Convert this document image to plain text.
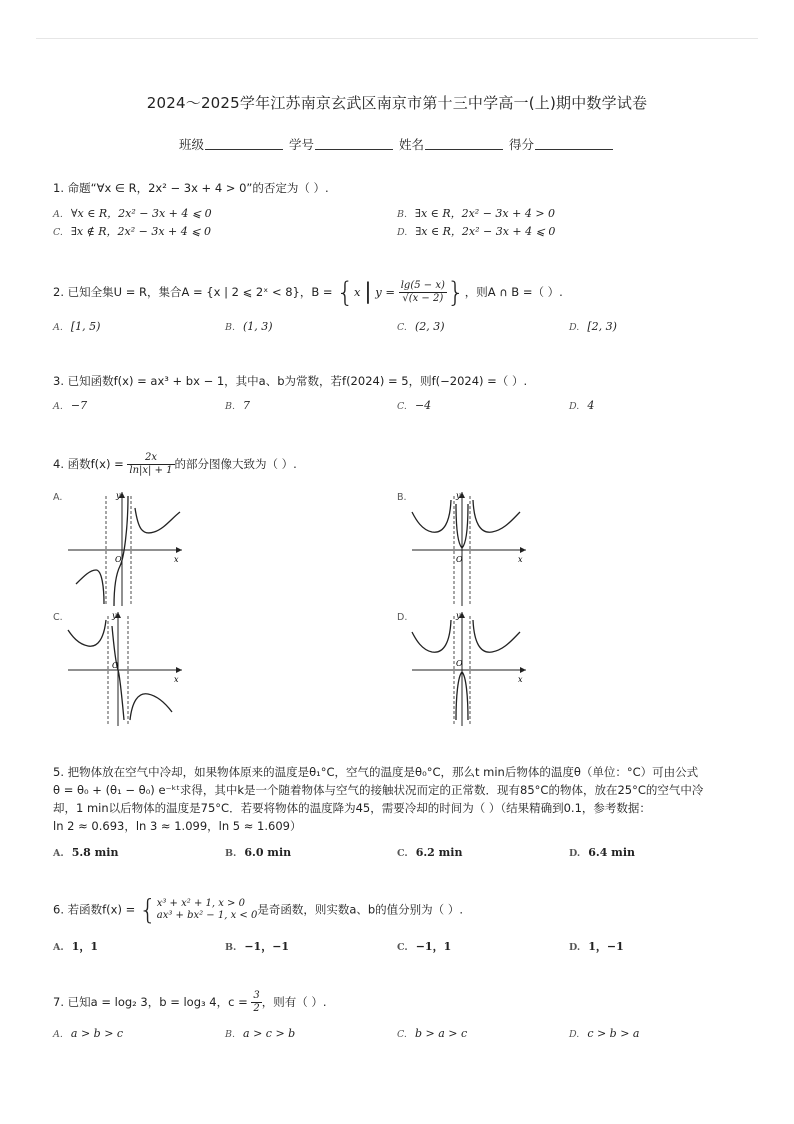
2024～2025学年江苏南京玄武区南京市第十三中学高一(上)期中数学试卷
班级	学号	姓名	得分
1. 命题“∀x ∈ R，2x² − 3x + 4 > 0”的否定为（ ）.
A. ∀x ∈ R，2x² − 3x + 4 ⩽ 0	B. ∃x ∈ R，2x² − 3x + 4 > 0
C. ∃x ∉ R，2x² − 3x + 4 ⩽ 0	D. ∃x ∈ R，2x² − 3x + 4 ⩽ 0
2. 已知全集U = R，集合A = {x | 2 ⩽ 2ˣ < 8}，B = {x | $y = \frac{\lg(5 - x)}{√(x - 2)}$ }，则A ∩ B =（ ）.
A. [1, 5)	B. (1, 3)	C. (2, 3)	D. [2, 3)
3. 已知函数f(x) = ax³ + bx − 1，其中a、b为常数，若f(2024) = 5，则f(−2024) =（ ）.
A. −7	B. 7	C. −4	D. 4
4. 函数$f(x) = \frac{2x}{\ln|x| + 1}$ 的部分图像大致为（ ）.
A.
O
y
x
B.
O
y
x
C.
O
y
x
D.
O
y
x
5. 把物体放在空气中冷却，如果物体原来的温度是θ₁°C，空气的温度是θ₀°C，那么t min后物体的温度θ（单位：°C）可由公式
θ = θ₀ + (θ₁ − θ₀) e⁻ᵏᵗ求得，其中k是一个随着物体与空气的接触状况而定的正常数．现有85°C的物体，放在25°C的空气中冷
却，1 min以后物体的温度是75°C．若要将物体的温度降为45，需要冷却的时间为（ ）（结果精确到0.1，参考数据：
ln 2 ≈ 0.693，ln 3 ≈ 1.099，ln 5 ≈ 1.609）
A. 5.8 min	B. 6.0 min	C. 6.2 min	D. 6.4 min
6. 若函数f(x) = { x³ + x² + 1, x > 0
ax³ + bx² − 1, x < 0 是奇函数，则实数a、b的值分别为（ ）.
A. 1，1	B. −1，−1	C. −1，1	D. 1，−1
7. 已知a = log₂ 3，b = log₃ 4，$c = \frac{3}{2}$ ，则有（ ）.
A. a > b > c	B. a > c > b	C. b > a > c	D. c > b > a
